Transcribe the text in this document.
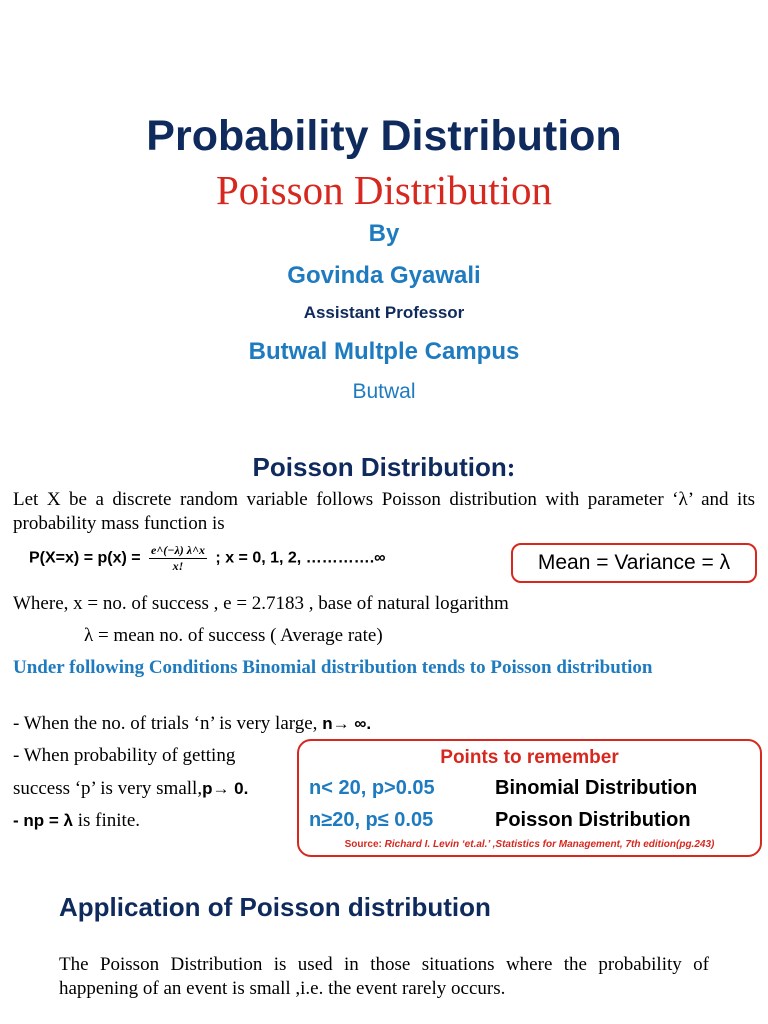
Probability Distribution
Poisson Distribution
By
Govinda Gyawali
Assistant Professor
Butwal Multple Campus
Butwal
Poisson Distribution:
Let X be a discrete random variable follows Poisson distribution with parameter ‘λ’ and its probability mass function is
$P(X=x) = p(x) = \frac{e\^{}(-\lambda) \lambda\^{}x}{x!}$ ; x = 0, 1, 2, ………….∞	Mean = Variance = λ
Where, x = no. of success , e = 2.7183 , base of natural logarithm
λ = mean no. of success ( Average rate)
Under following Conditions Binomial distribution tends to Poisson distribution
- When the no. of trials ‘n’ is very large, n→ ∞.
- When probability of getting
success ‘p’ is very small,p→ 0.
- np = λ is finite.
Points to remember
n< 20, p>0.05	Binomial Distribution
n≥20, p≤ 0.05	Poisson Distribution
Source: Richard I. Levin ‘et.al.’ ,Statistics for Management, 7th edition(pg.243)
Application of Poisson distribution
The Poisson Distribution is used in those situations where the probability of happening of an event is small ,i.e. the event rarely occurs.
